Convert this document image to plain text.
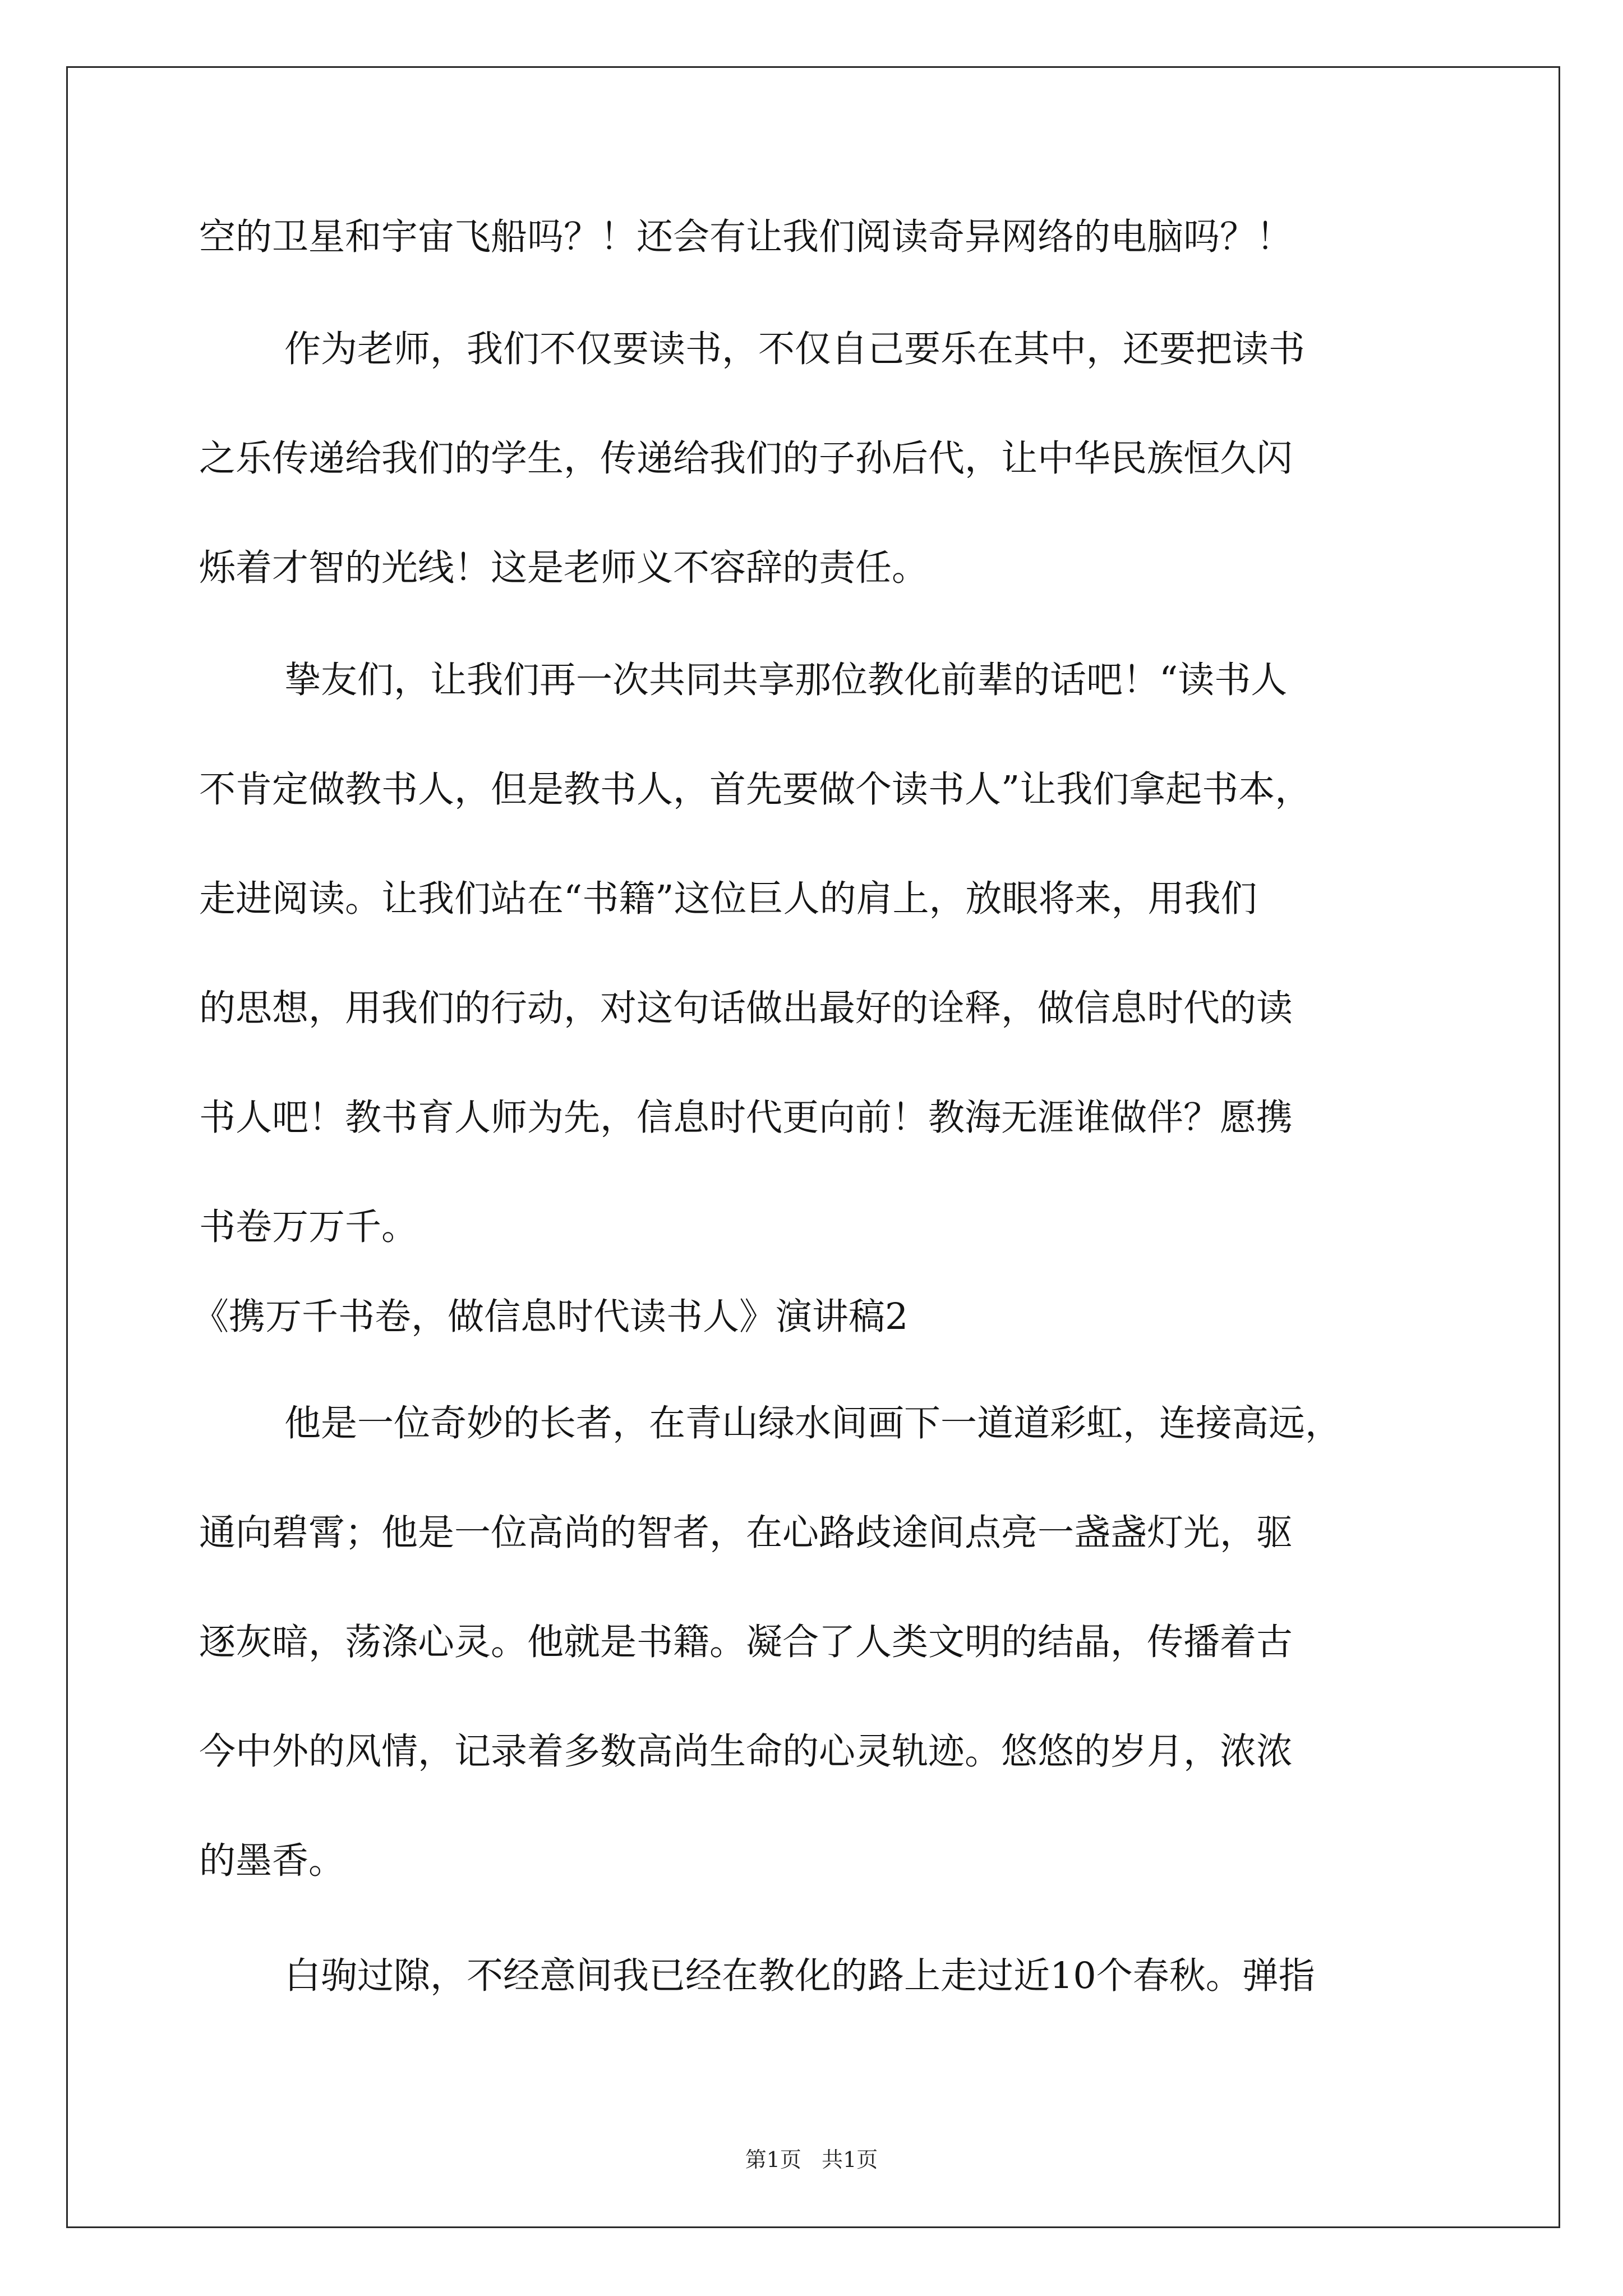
空的卫星和宇宙飞船吗？！还会有让我们阅读奇异网络的电脑吗？！

作为老师，我们不仅要读书，不仅自己要乐在其中，还要把读书

之乐传递给我们的学生，传递给我们的子孙后代，让中华民族恒久闪

烁着才智的光线！这是老师义不容辞的责任。

挚友们，让我们再一次共同共享那位教化前辈的话吧！“读书人

不肯定做教书人，但是教书人，首先要做个读书人”让我们拿起书本，

走进阅读。让我们站在“书籍”这位巨人的肩上，放眼将来，用我们

的思想，用我们的行动，对这句话做出最好的诠释，做信息时代的读

书人吧！教书育人师为先，信息时代更向前！教海无涯谁做伴？愿携

书卷万万千。

《携万千书卷，做信息时代读书人》演讲稿2

他是一位奇妙的长者，在青山绿水间画下一道道彩虹，连接高远，

通向碧霄；他是一位高尚的智者，在心路歧途间点亮一盏盏灯光，驱

逐灰暗，荡涤心灵。他就是书籍。凝合了人类文明的结晶，传播着古

今中外的风情，记录着多数高尚生命的心灵轨迹。悠悠的岁月，浓浓

的墨香。

白驹过隙，不经意间我已经在教化的路上走过近10个春秋。弹指

第1页   共1页
